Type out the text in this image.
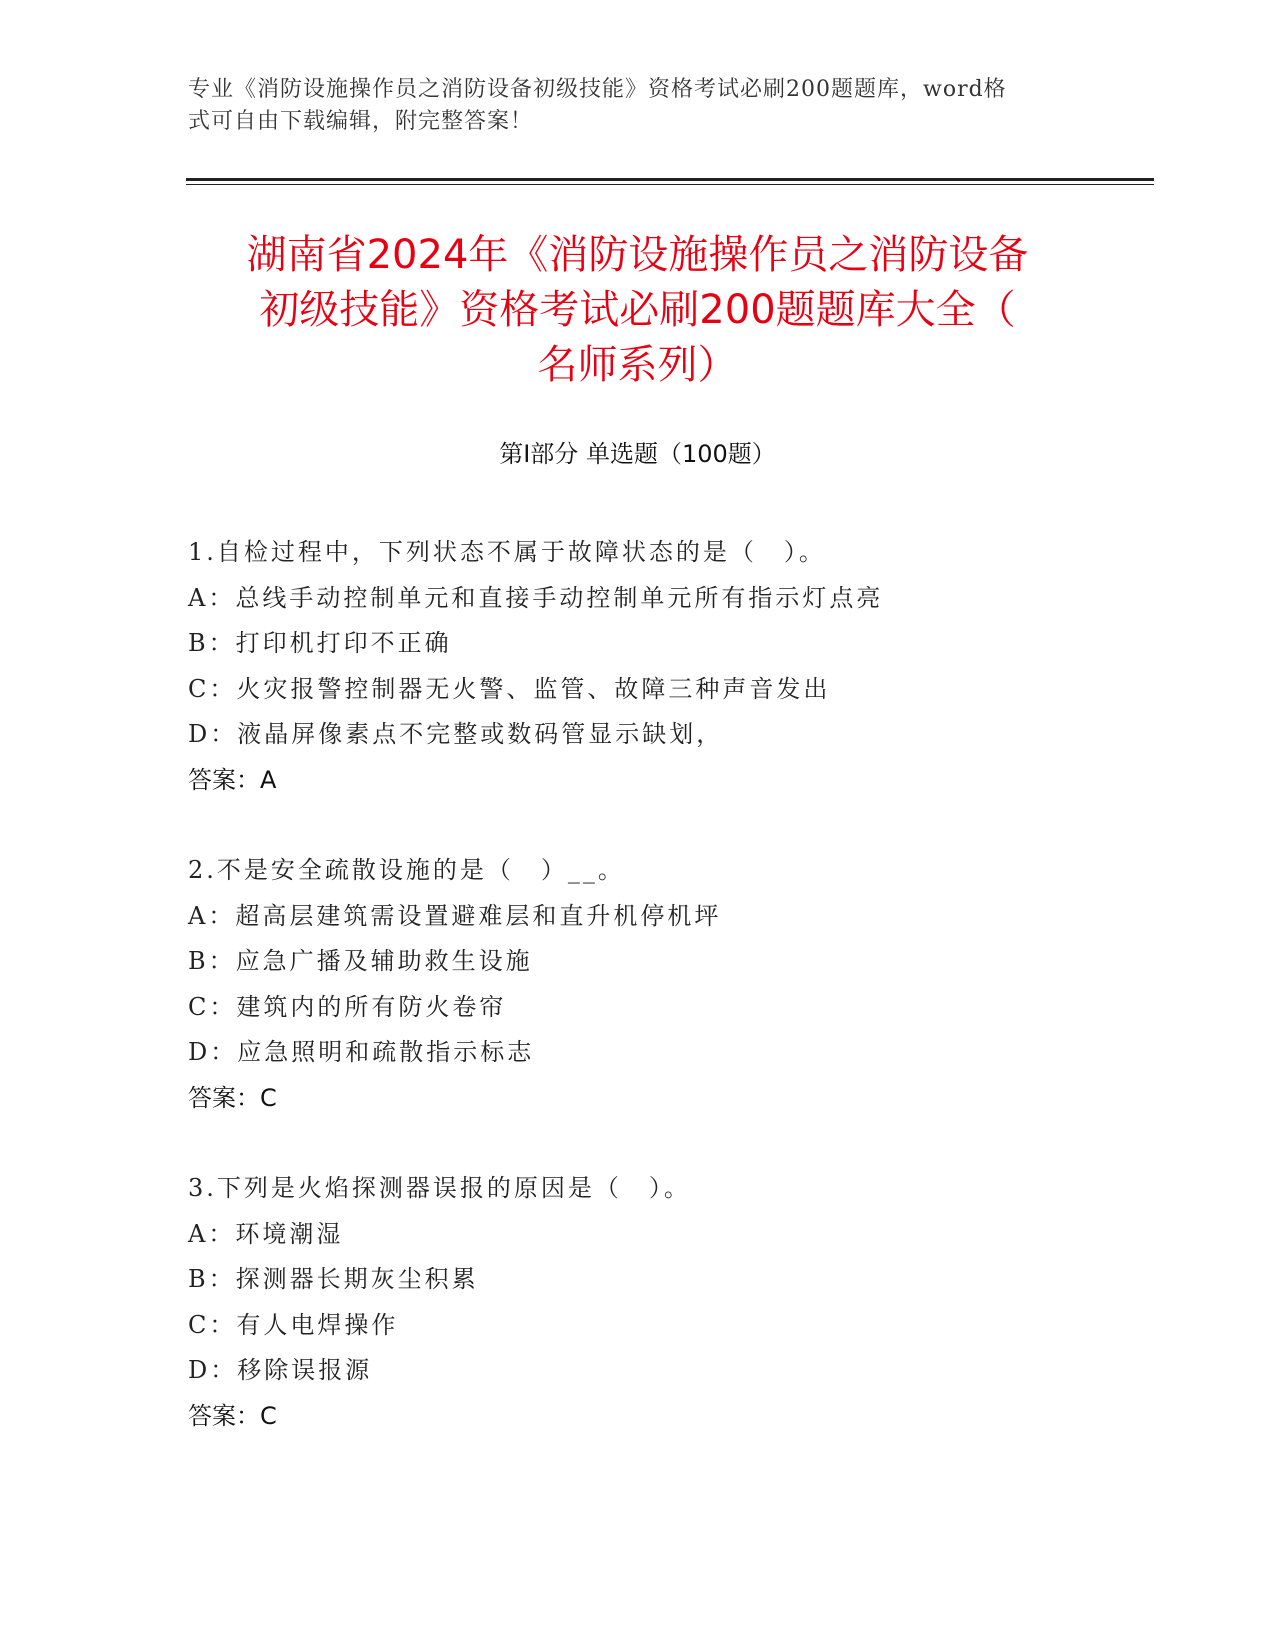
专业《消防设施操作员之消防设备初级技能》资格考试必刷200题题库，word格
式可自由下载编辑，附完整答案！
湖南省2024年《消防设施操作员之消防设备
初级技能》资格考试必刷200题题库大全（
名师系列）
第Ⅰ部分 单选题（100题）
1.自检过程中，下列状态不属于故障状态的是（　）。
A：总线手动控制单元和直接手动控制单元所有指示灯点亮
B：打印机打印不正确
C：火灾报警控制器无火警、监管、故障三种声音发出
D：液晶屏像素点不完整或数码管显示缺划，
答案：A
2.不是安全疏散设施的是（　）__。
A：超高层建筑需设置避难层和直升机停机坪
B：应急广播及辅助救生设施
C：建筑内的所有防火卷帘
D：应急照明和疏散指示标志
答案：C
3.下列是火焰探测器误报的原因是（　）。
A：环境潮湿
B：探测器长期灰尘积累
C：有人电焊操作
D：移除误报源
答案：C
